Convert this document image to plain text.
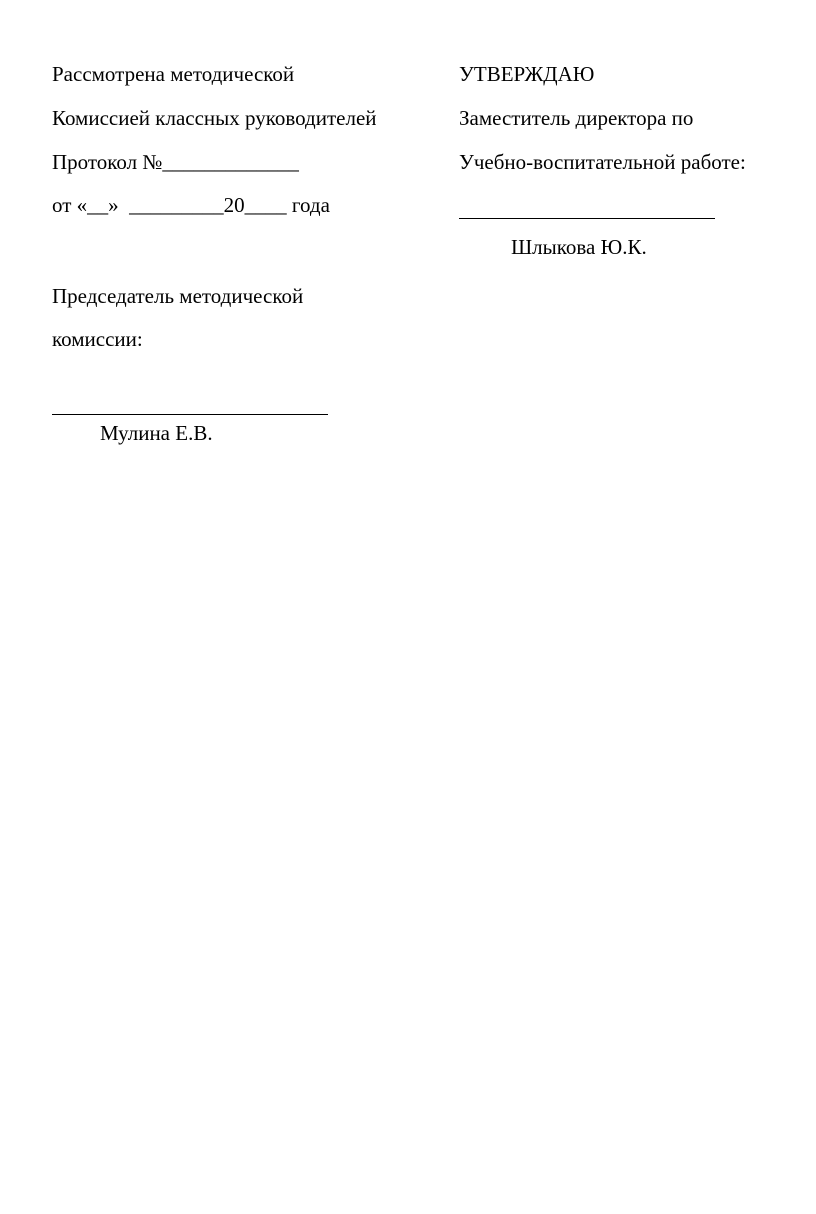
Рассмотрена методической
Комиссией классных руководителей
Протокол №_____________
от «__»  _________20____ года
Председатель методической
комиссии:
Мулина Е.В.
УТВЕРЖДАЮ
Заместитель директора по
Учебно-воспитательной работе:
Шлыкова Ю.К.
